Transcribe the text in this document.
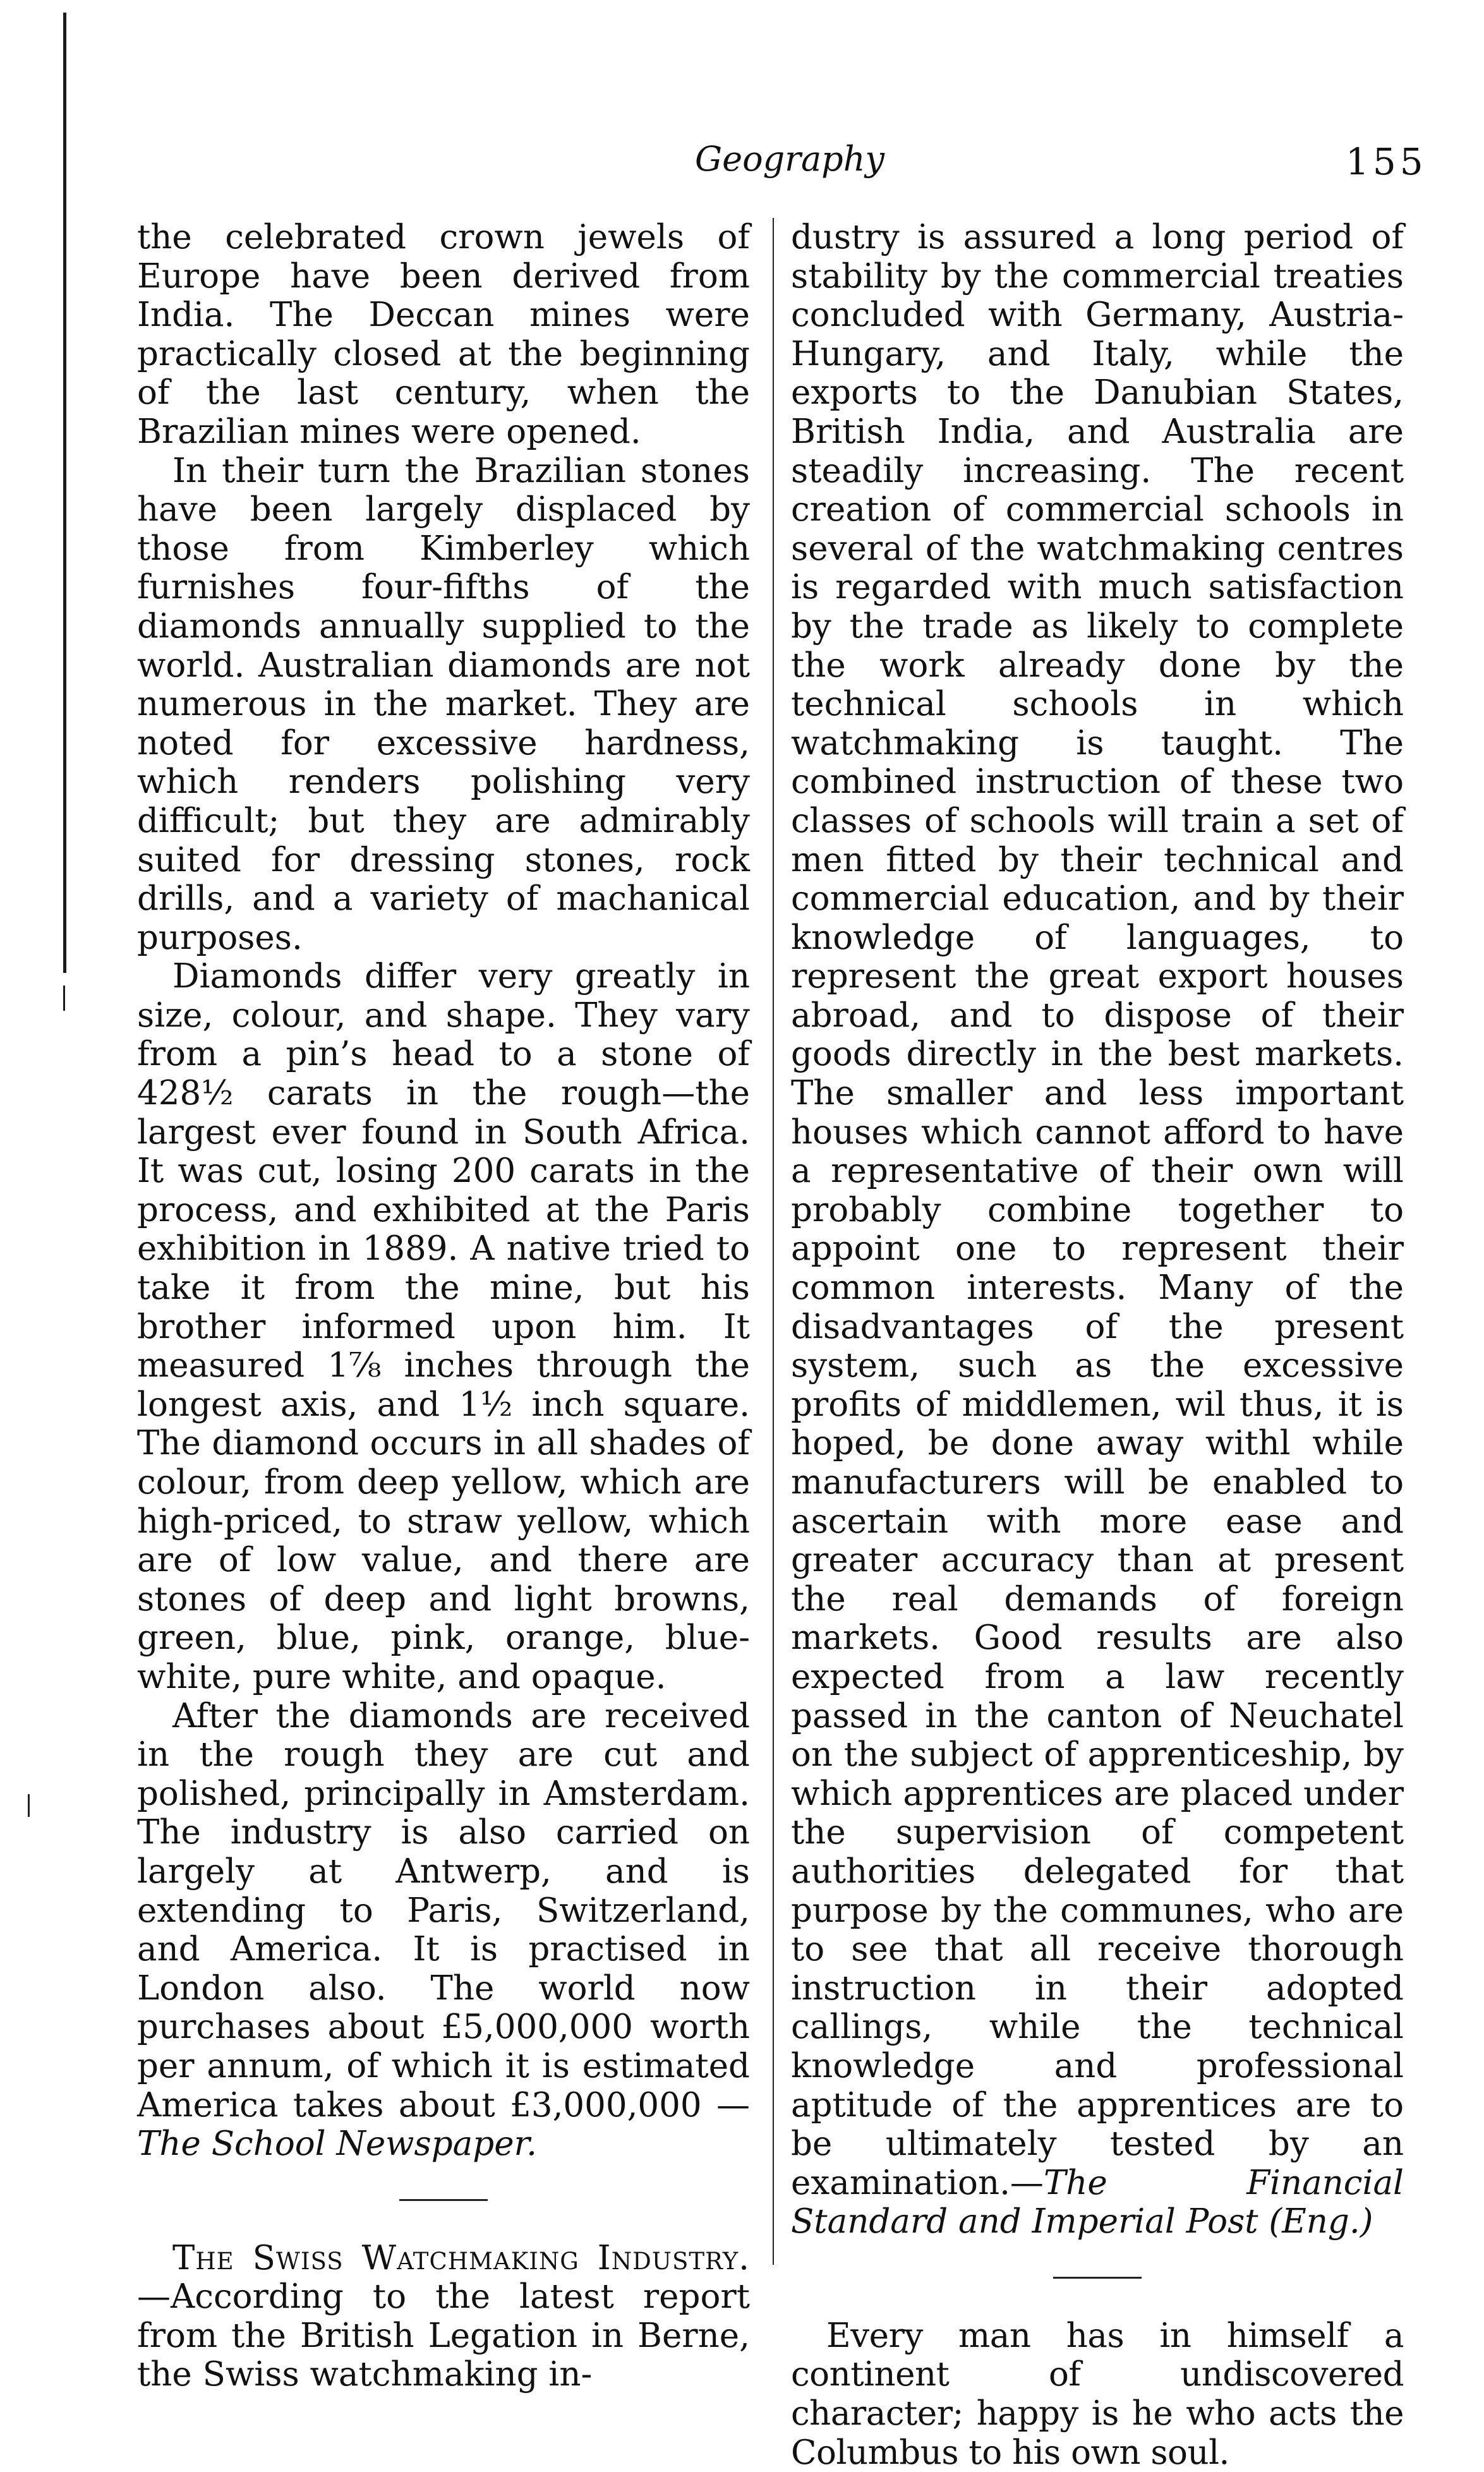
Geography	155

the celebrated crown jewels of Europe have been derived from India. The Deccan mines were practically closed at the beginning of the last century, when the Brazilian mines were opened.

In their turn the Brazilian stones have been largely displaced by those from Kimberley which furnishes four-fifths of the diamonds annually supplied to the world. Australian diamonds are not numerous in the market. They are noted for excessive hardness, which renders polishing very difficult; but they are admirably suited for dressing stones, rock drills, and a variety of machanical purposes.

Diamonds differ very greatly in size, colour, and shape. They vary from a pin’s head to a stone of 428½ carats in the rough—the largest ever found in South Africa. It was cut, losing 200 carats in the process, and exhibited at the Paris exhibition in 1889. A native tried to take it from the mine, but his brother informed upon him. It measured 1⅞ inches through the longest axis, and 1½ inch square. The diamond occurs in all shades of colour, from deep yellow, which are high-priced, to straw yellow, which are of low value, and there are stones of deep and light browns, green, blue, pink, orange, blue-white, pure white, and opaque.

After the diamonds are received in the rough they are cut and polished, principally in Amsterdam. The industry is also carried on largely at Antwerp, and is extending to Paris, Switzerland, and America. It is practised in London also. The world now purchases about £5,000,000 worth per annum, of which it is estimated America takes about £3,000,000 —The School Newspaper.

The Swiss Watchmaking Industry.—According to the latest report from the British Legation in Berne, the Swiss watchmaking in-

dustry is assured a long period of stability by the commercial treaties concluded with Germany, Austria-Hungary, and Italy, while the exports to the Danubian States, British India, and Australia are steadily increasing. The recent creation of commercial schools in several of the watchmaking centres is regarded with much satisfaction by the trade as likely to complete the work already done by the technical schools in which watchmaking is taught. The combined instruction of these two classes of schools will train a set of men fitted by their technical and commercial education, and by their knowledge of languages, to represent the great export houses abroad, and to dispose of their goods directly in the best markets. The smaller and less important houses which cannot afford to have a representative of their own will probably combine together to appoint one to represent their common interests. Many of the disadvantages of the present system, such as the excessive profits of middlemen, wil thus, it is hoped, be done away withl while manufacturers will be enabled to ascertain with more ease and greater accuracy than at present the real demands of foreign markets. Good results are also expected from a law recently passed in the canton of Neuchatel on the subject of apprenticeship, by which apprentices are placed under the supervision of competent authorities delegated for that purpose by the communes, who are to see that all receive thorough instruction in their adopted callings, while the technical knowledge and professional aptitude of the apprentices are to be ultimately tested by an examination.—The Financial Standard and Imperial Post (Eng.)

Every man has in himself a continent of undiscovered character; happy is he who acts the Columbus to his own soul.
